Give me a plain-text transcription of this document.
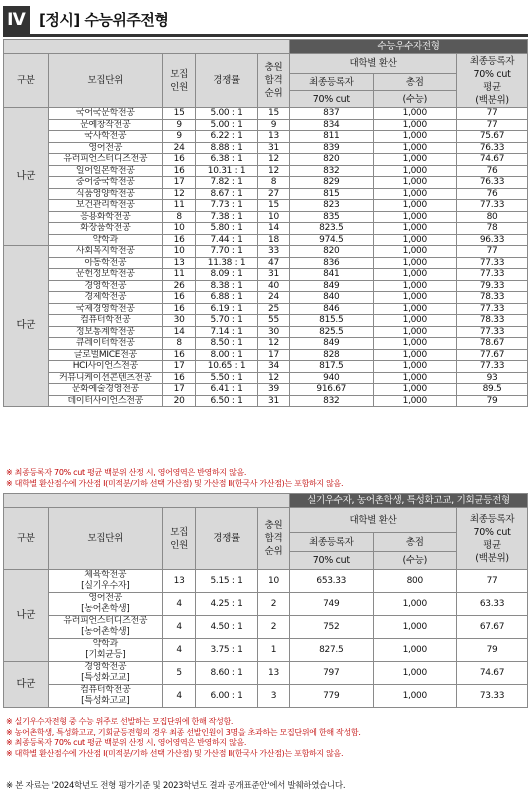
Ⅳ [정시] 수능위주전형
					수능우수자전형		
구분	모집단위	모집
인원	경쟁률	충원
합격
순위	대학별 환산		최종등록자
70% cut
평균
(백분위)
					최종등록자	총점	
					70% cut	(수능)	
나군	국어국문학전공	15	5.00 : 1	15	837	1,000	77
	문예창작전공	9	5.00 : 1	9	834	1,000	77
	국사학전공	9	6.22 : 1	13	811	1,000	75.67
	영어전공	24	8.88 : 1	31	839	1,000	76.33
	유러피언스터디즈전공	16	6.38 : 1	12	820	1,000	74.67
	일어일본학전공	16	10.31 : 1	12	832	1,000	76
	중어중국학전공	17	7.82 : 1	8	829	1,000	76.33
	식품영양학전공	12	8.67 : 1	27	815	1,000	76
	보건관리학전공	11	7.73 : 1	15	823	1,000	77.33
	응용화학전공	8	7.38 : 1	10	835	1,000	80
	화장품학전공	10	5.80 : 1	14	823.5	1,000	78
	약학과	16	7.44 : 1	18	974.5	1,000	96.33
다군	사회복지학전공	10	7.70 : 1	33	820	1,000	77
	아동학전공	13	11.38 : 1	47	836	1,000	77.33
	문헌정보학전공	11	8.09 : 1	31	841	1,000	77.33
	경영학전공	26	8.38 : 1	40	849	1,000	79.33
	경제학전공	16	6.88 : 1	24	840	1,000	78.33
	국제경영학전공	16	6.19 : 1	25	846	1,000	77.33
	컴퓨터학전공	30	5.70 : 1	55	815.5	1,000	78.33
	정보통계학전공	14	7.14 : 1	30	825.5	1,000	77.33
	큐레이터학전공	8	8.50 : 1	12	849	1,000	78.67
	글로벌MICE전공	16	8.00 : 1	17	828	1,000	77.67
	HCI사이언스전공	17	10.65 : 1	34	817.5	1,000	77.33
	커뮤니케이션콘텐츠전공	16	5.50 : 1	12	940	1,000	93
	문화예술경영전공	17	6.41 : 1	39	916.67	1,000	89.5
	데이터사이언스전공	20	6.50 : 1	31	832	1,000	79
※ 최종등록자 70% cut 평균 백분위 산정 시, 영어영역은 반영하지 않음.
※ 대학별 환산점수에 가산점 Ⅰ(미적분/기하 선택 가산점) 및 가산점 Ⅱ(한국사 가산점)는 포함하지 않음.
					실기우수자, 농어촌학생, 특성화고교, 기회균등전형		
구분	모집단위	모집
인원	경쟁률	충원
합격
순위	대학별 환산		최종등록자
70% cut
평균
(백분위)
					최종등록자	총점	
					70% cut	(수능)	
나군	체육학전공
[실기우수자]	13	5.15 : 1	10	653.33	800	77
	영어전공
[농어촌학생]	4	4.25 : 1	2	749	1,000	63.33
	유러피언스터디즈전공
[농어촌학생]	4	4.50 : 1	2	752	1,000	67.67
	약학과
[기회균등]	4	3.75 : 1	1	827.5	1,000	79
다군	경영학전공
[특성화고교]	5	8.60 : 1	13	797	1,000	74.67
	컴퓨터학전공
[특성화고교]	4	6.00 : 1	3	779	1,000	73.33
※ 실기우수자전형 중 수능 위주로 선발하는 모집단위에 한해 작성함.
※ 농어촌학생, 특성화고교, 기회균등전형의 경우 최종 선발인원이 3명을 초과하는 모집단위에 한해 작성함.
※ 최종등록자 70% cut 평균 백분위 산정 시, 영어영역은 반영하지 않음.
※ 대학별 환산점수에 가산점 Ⅰ(미적분/기하 선택 가산점) 및 가산점 Ⅱ(한국사 가산점)는 포함하지 않음.
※ 본 자료는 '2024학년도 전형 평가기준 및 2023학년도 결과 공개표준안'에서 발췌하였습니다.
